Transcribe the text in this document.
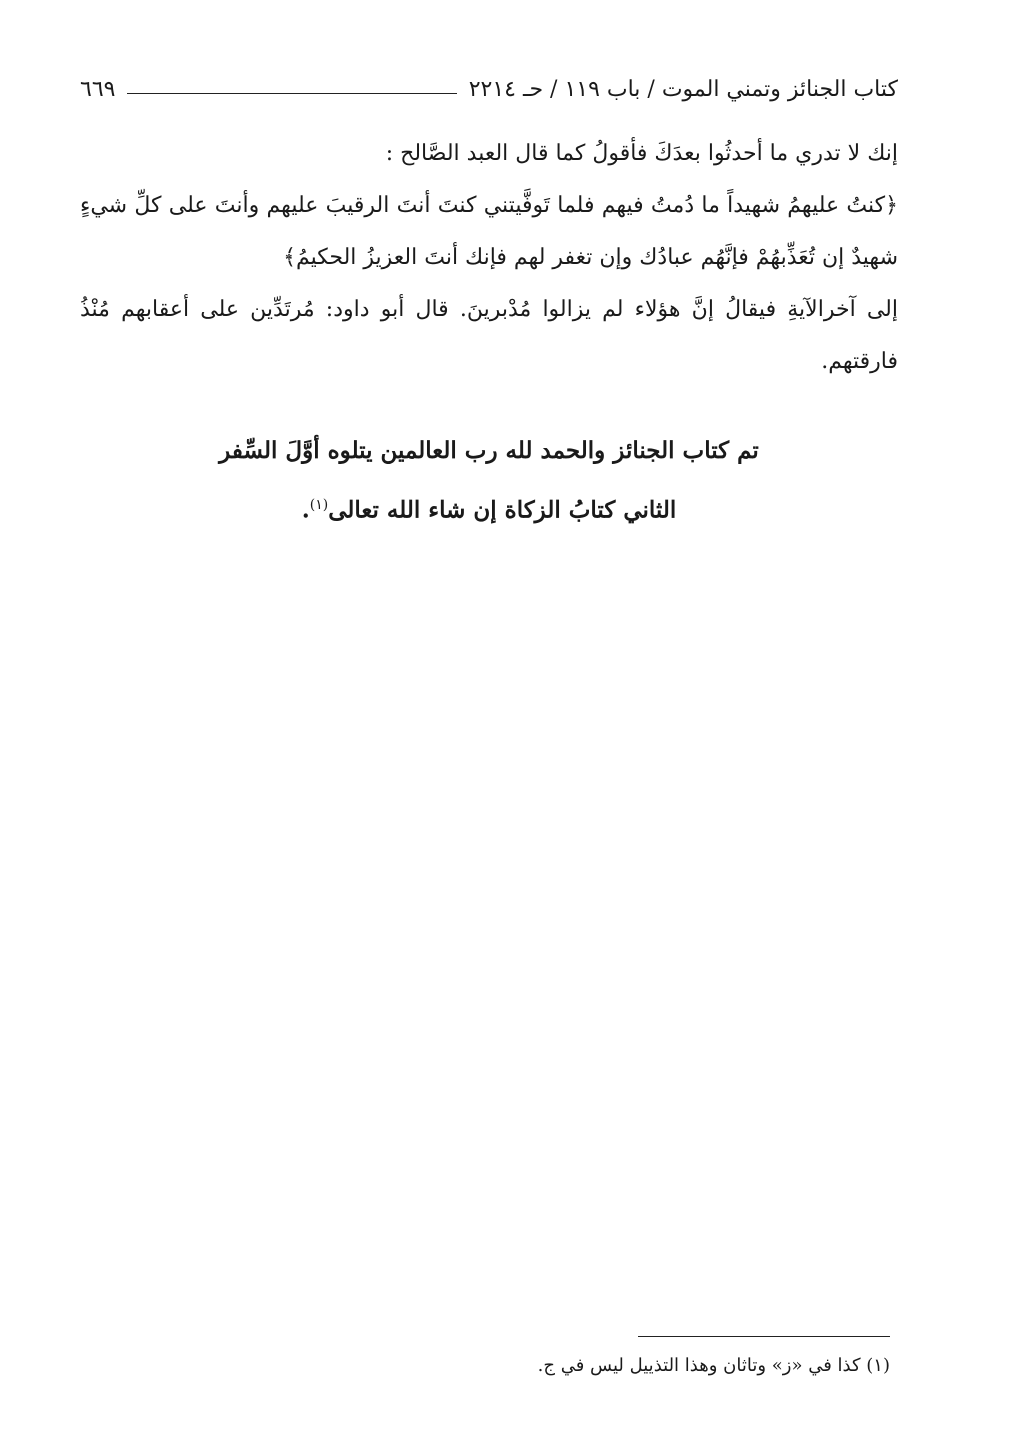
كتاب الجنائز وتمني الموت / باب ١١٩ / حـ ٢٢١٤
٦٦٩

إنك لا تدري ما أحدثُوا بعدَكَ فأقولُ كما قال العبد الصَّالح :

﴿كنتُ عليهمُ شهيداً ما دُمتُ فيهم فلما تَوفَّيتني كنتَ أنتَ الرقيبَ عليهم وأنتَ على كلِّ شيءٍ شهيدٌ إن تُعَذِّبهُمْ فإنَّهُم عبادُك وإن تغفر لهم فإنك أنتَ العزيزُ الحكيمُ﴾

إلى آخرالآيةِ فيقالُ إنَّ هؤلاء لم يزالوا مُدْبرينَ. قال أبو داود: مُرتَدِّين على أعقابهم مُنْذُ فارقتهم.

تم كتاب الجنائز والحمد لله رب العالمين يتلوه أوَّلَ السِّفر

الثاني كتابُ الزكاة إن شاء الله تعالى$^{(١)}$.

(١) كذا في «ز» وتاثان وهذا التذييل ليس في ج.
